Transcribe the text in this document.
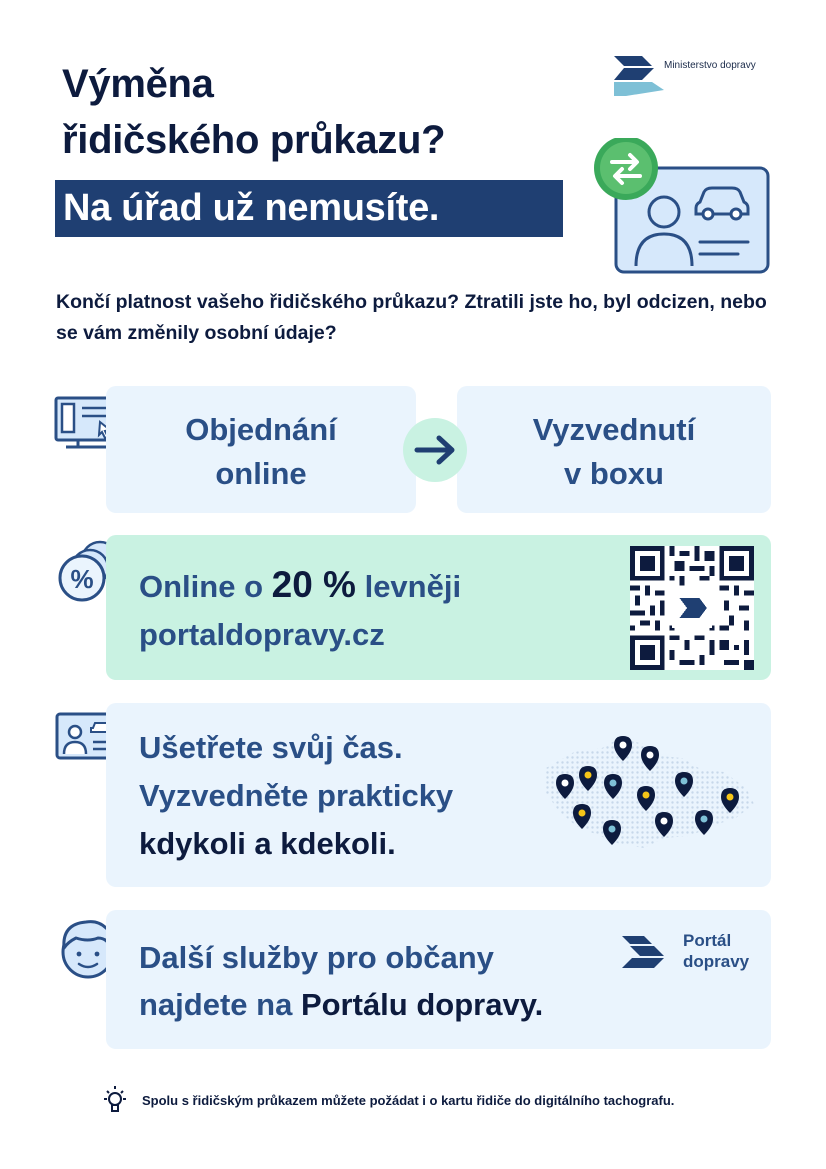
Ministerstvo dopravy
Výměna
řidičského průkazu?
Na úřad už nemusíte.

Končí platnost vašeho řidičského průkazu? Ztratili jste ho, byl odcizen, nebo se vám změnily osobní údaje?

Objednání
online
Vyzvednutí
v boxu
% Online o 20 % levněji
portaldopravy.cz
Ušetřete svůj čas.
Vyzvedněte prakticky
kdykoli a kdekoli.
Další služby pro občany
najdete na Portálu dopravy.
Portál
dopravy
Spolu s řidičským průkazem můžete požádat i o kartu řidiče do digitálního tachografu.
